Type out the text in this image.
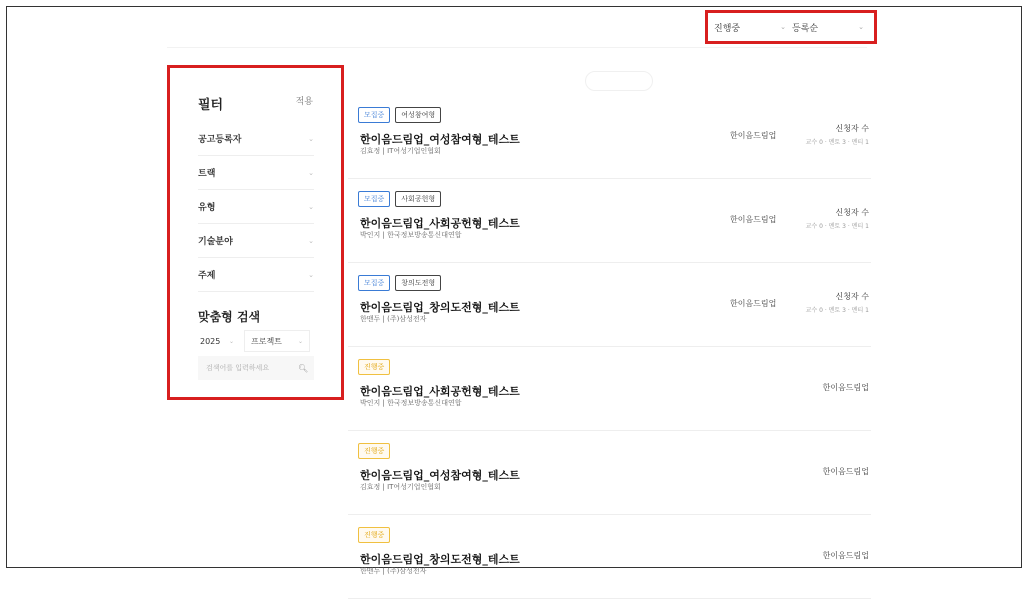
진행중	⌄ 등록순	⌄
필터	적용
공고등록자	⌄
트랙	⌄
유형	⌄
기술분야	⌄
주제	⌄
맞춤형 검색
2025 ⌄ 프로젝트	⌄
검색어를 입력하세요
🔍︎
모집중	여성참여형
한이음드림업_여성참여형_테스트
김효정 | IT여성기업인협회
한이음드림업
신청자 수
교수 0 · 멘토 3 · 멘티 1
모집중	사회공헌형
한이음드림업_사회공헌형_테스트
박인지 | 한국정보방송통신대연합
한이음드림업
신청자 수
교수 0 · 멘토 3 · 멘티 1
모집중	창의도전형
한이음드림업_창의도전형_테스트
한맨두 | (주)삼성전자
한이음드림업
신청자 수
교수 0 · 멘토 3 · 멘티 1
진행중
한이음드림업_사회공헌형_테스트
박인지 | 한국정보방송통신대연합
한이음드림업
진행중
한이음드림업_여성참여형_테스트
김효정 | IT여성기업인협회
한이음드림업
진행중
한이음드림업_창의도전형_테스트
한맨두 | (주)삼성전자
한이음드림업
